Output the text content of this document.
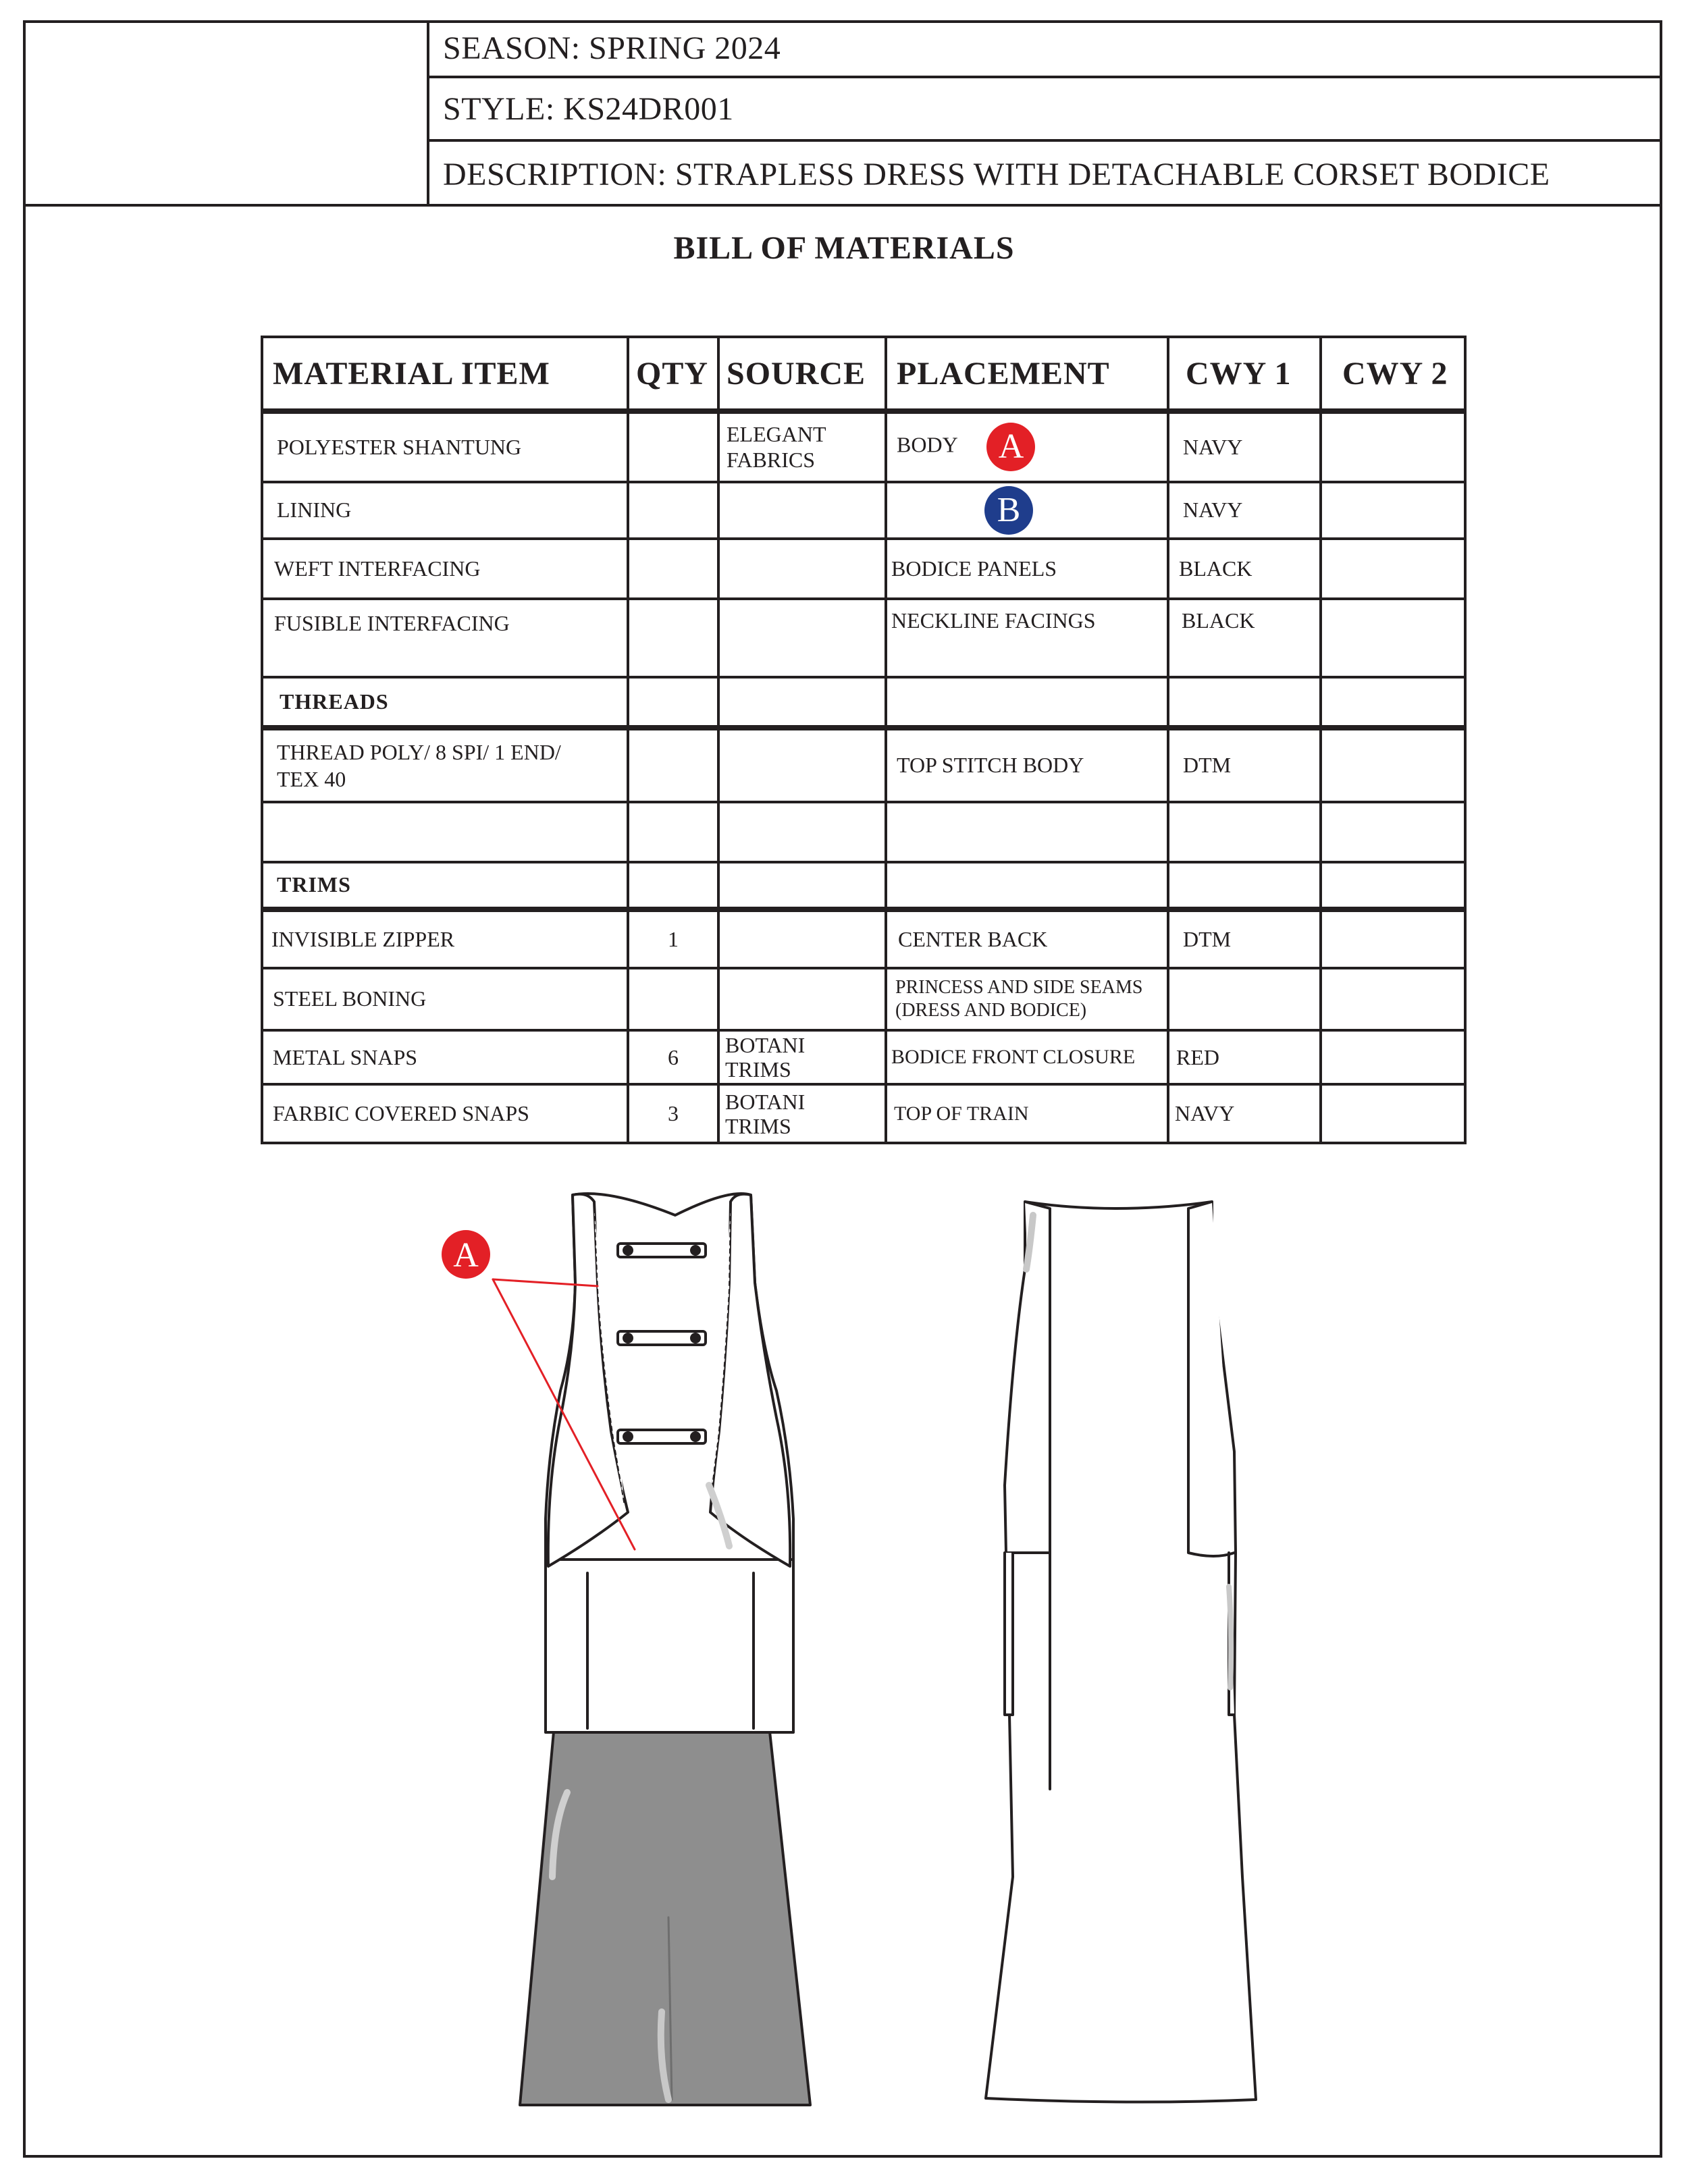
SEASON: SPRING 2024
STYLE: KS24DR001
DESCRIPTION: STRAPLESS DRESS WITH DETACHABLE CORSET BODICE
BILL OF MATERIALS
MATERIAL ITEM	QTY	SOURCE	PLACEMENT	CWY 1	CWY 2
POLYESTER SHANTUNG		ELEGANT FABRICS	BODY A	NAVY	
LINING			B	NAVY	
WEFT INTERFACING			BODICE PANELS	BLACK	
FUSIBLE INTERFACING			NECKLINE FACINGS	BLACK	
THREADS					
THREAD POLY/ 8 SPI/ 1 END/ TEX 40			TOP STITCH BODY	DTM	

TRIMS					
INVISIBLE ZIPPER	1		CENTER BACK	DTM	
STEEL BONING			PRINCESS AND SIDE SEAMS (DRESS AND BODICE)		
METAL SNAPS	6	BOTANI TRIMS	BODICE FRONT CLOSURE	RED	
FARBIC COVERED SNAPS	3	BOTANI TRIMS	TOP OF TRAIN	NAVY	
A
